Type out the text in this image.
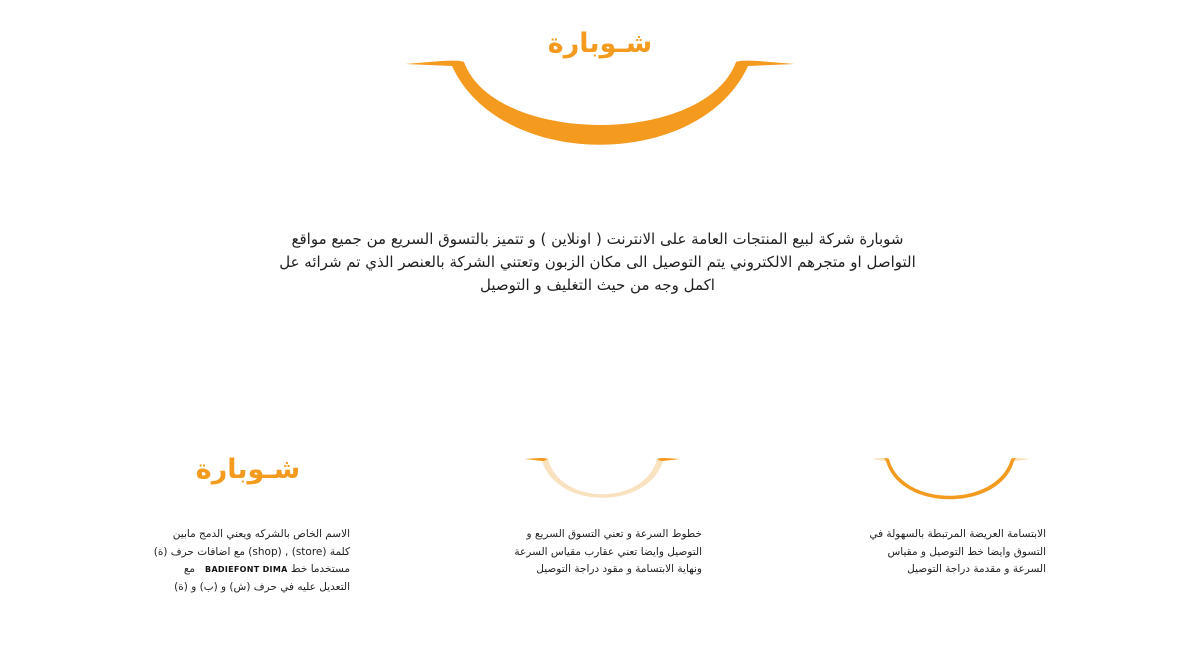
شـوبارة
شوبارة شركة لبيع المنتجات العامة على الانترنت ( اونلاين ) و تتميز بالتسوق السريع من جميع مواقع
التواصل او متجرهم الالكتروني يتم التوصيل الى مكان الزبون وتعتني الشركة بالعنصر الذي تم شرائه عل
اكمل وجه من حيث التغليف و التوصيل
شـوبارة
الاسم الخاص بالشركه ويعني الدمج مابين
كلمة (store) , (shop) مع اضافات حرف (ة)
مستخدما خط BADIEFONT DIMA   مع
التعديل عليه في حرف (ش) و (ب) و (ة)
خطوط السرعة و تعني التسوق السريع و
التوصيل وايضا تعني عقارب مقياس السرعة
ونهاية الابتسامة و مقود دراجة التوصيل
الابتسامة العريضة المرتبطة بالسهولة في
التسوق وايضا خط التوصيل و مقياس
السرعة و مقدمة دراجة التوصيل
